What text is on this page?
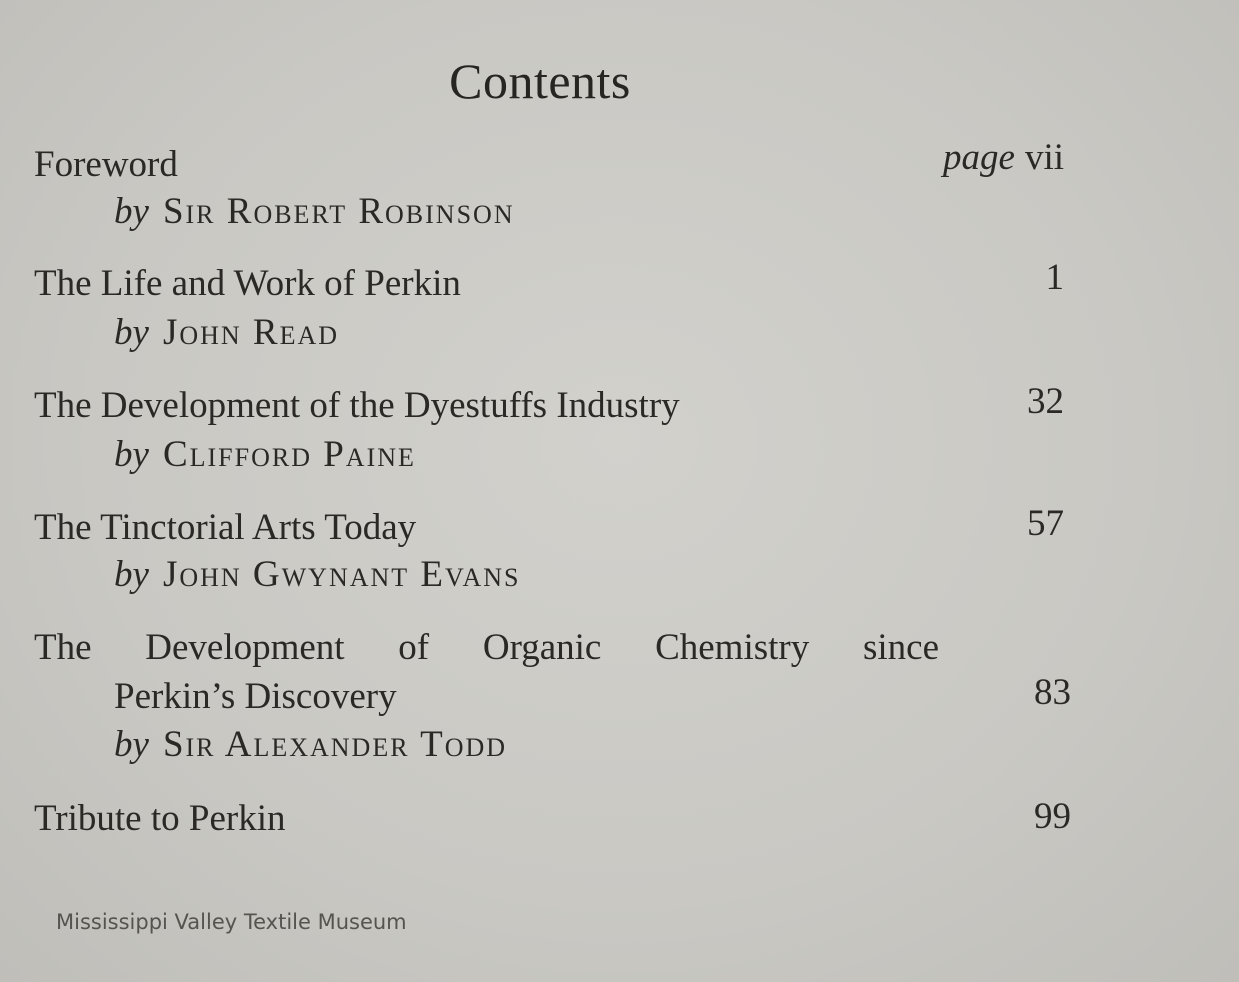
Contents
Foreword	page vii
by Sir Robert Robinson
The Life and Work of Perkin	1
by John Read
The Development of the Dyestuffs Industry	32
by Clifford Paine
The Tinctorial Arts Today	57
by John Gwynant Evans
The Development of Organic Chemistry since
Perkin’s Discovery	83
by Sir Alexander Todd
Tribute to Perkin	99
Mississippi Valley Textile Museum
